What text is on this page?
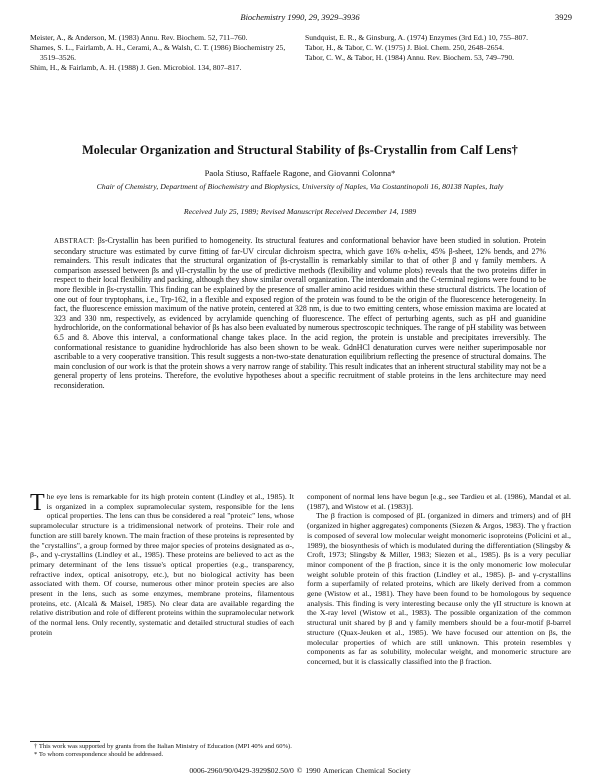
Biochemistry 1990, 29, 3929–3936	3929

Meister, A., & Anderson, M. (1983) Annu. Rev. Biochem. 52, 711–760.

Shames, S. L., Fairlamb, A. H., Cerami, A., & Walsh, C. T. (1986) Biochemistry 25, 3519–3526.

Shim, H., & Fairlamb, A. H. (1988) J. Gen. Microbiol. 134, 807–817.

Sundquist, E. R., & Ginsburg, A. (1974) Enzymes (3rd Ed.) 10, 755–807.

Tabor, H., & Tabor, C. W. (1975) J. Biol. Chem. 250, 2648–2654.

Tabor, C. W., & Tabor, H. (1984) Annu. Rev. Biochem. 53, 749–790.

Molecular Organization and Structural Stability of βs-Crystallin from Calf Lens†
Paola Stiuso, Raffaele Ragone, and Giovanni Colonna*
Chair of Chemistry, Department of Biochemistry and Biophysics, University of Naples, Via Costantinopoli 16, 80138 Naples, Italy
Received July 25, 1989; Revised Manuscript Received December 14, 1989
ABSTRACT: βs-Crystallin has been purified to homogeneity. Its structural features and conformational behavior have been studied in solution. Protein secondary structure was estimated by curve fitting of far-UV circular dichroism spectra, which gave 16% α-helix, 45% β-sheet, 12% bends, and 27% remainders. This result indicates that the structural organization of βs-crystallin is remarkably similar to that of other β and γ family members. A comparison assessed between βs and γII-crystallin by the use of predictive methods (flexibility and volume plots) reveals that the two proteins differ in respect to their local flexibility and packing, although they show similar overall organization. The interdomain and the C-terminal regions were found to be more flexible in βs-crystallin. This finding can be explained by the presence of smaller amino acid residues within these structural districts. The location of one out of four tryptophans, i.e., Trp-162, in a flexible and exposed region of the protein was found to be the origin of the fluorescence heterogeneity. In fact, the fluorescence emission maximum of the native protein, centered at 328 nm, is due to two emitting centers, whose emission maxima are located at 323 and 330 nm, respectively, as evidenced by acrylamide quenching of fluorescence. The effect of perturbing agents, such as pH and guanidine hydrochloride, on the conformational behavior of βs has also been evaluated by numerous spectroscopic techniques. The range of pH stability was between 6.5 and 8. Above this interval, a conformational change takes place. In the acid region, the protein is unstable and precipitates irreversibly. The conformational resistance to guanidine hydrochloride has also been shown to be weak. GdnHCl denaturation curves were neither superimposable nor ascribable to a very cooperative transition. This result suggests a non-two-state denaturation equilibrium reflecting the presence of structural domains. The main conclusion of our work is that the protein shows a very narrow range of stability. This result indicates that an inherent structural stability may not be a general property of lens proteins. Therefore, the evolutive hypotheses about a specific recruitment of stable proteins in the lens architecture may need reconsideration.

The eye lens is remarkable for its high protein content (Lindley et al., 1985). It is organized in a complex supramolecular system, responsible for the lens optical properties. The lens can thus be considered a real "proteic" lens, whose supramolecular structure is a tridimensional network of proteins. Their role and function are still barely known. The main fraction of these proteins is represented by the "crystallins", a group formed by three major species of proteins designated as α-, β-, and γ-crystallins (Lindley et al., 1985). These proteins are believed to act as the primary determinant of the lens tissue's optical properties (e.g., transparency, refractive index, optical anisotropy, etc.), but no biological activity has been associated with them. Of course, numerous other minor protein species are also present in the lens, such as some enzymes, membrane proteins, filamentous proteins, etc. (Alcalà & Maisel, 1985). No clear data are available regarding the relative distribution and role of different proteins within the supramolecular network of the normal lens. Only recently, systematic and detailed structural studies of each protein

component of normal lens have begun [e.g., see Tardieu et al. (1986), Mandal et al. (1987), and Wistow et al. (1983)].

The β fraction is composed of βL (organized in dimers and trimers) and of βH (organized in higher aggregates) components (Siezen & Argos, 1983). The γ fraction is composed of several low molecular weight monomeric isoproteins (Policini et al., 1989), the biosynthesis of which is modulated during the differentiation (Slingsby & Croft, 1973; Slingsby & Miller, 1983; Siezen et al., 1985). βs is a very peculiar minor component of the β fraction, since it is the only monomeric low molecular weight soluble protein of this fraction (Lindley et al., 1985). β- and γ-crystallins form a superfamily of related proteins, which are likely derived from a common gene (Wistow et al., 1981). They have been found to be homologous by sequence analysis. This finding is very interesting because only the γII structure is known at the X-ray level (Wistow et al., 1983). The possible organization of the common structural unit shared by β and γ family members should be a four-motif β-barrel structure (Quax-Jeuken et al., 1985). We have focused our attention on βs, the molecular properties of which are still unknown. This protein resembles γ components as far as solubility, molecular weight, and monomeric structure are concerned, but it is classically classified into the β fraction.

† This work was supported by grants from the Italian Ministry of Education (MPI 40% and 60%).

* To whom correspondence should be addressed.

0006-2960/90/0429-3929$02.50/0 © 1990 American Chemical Society
